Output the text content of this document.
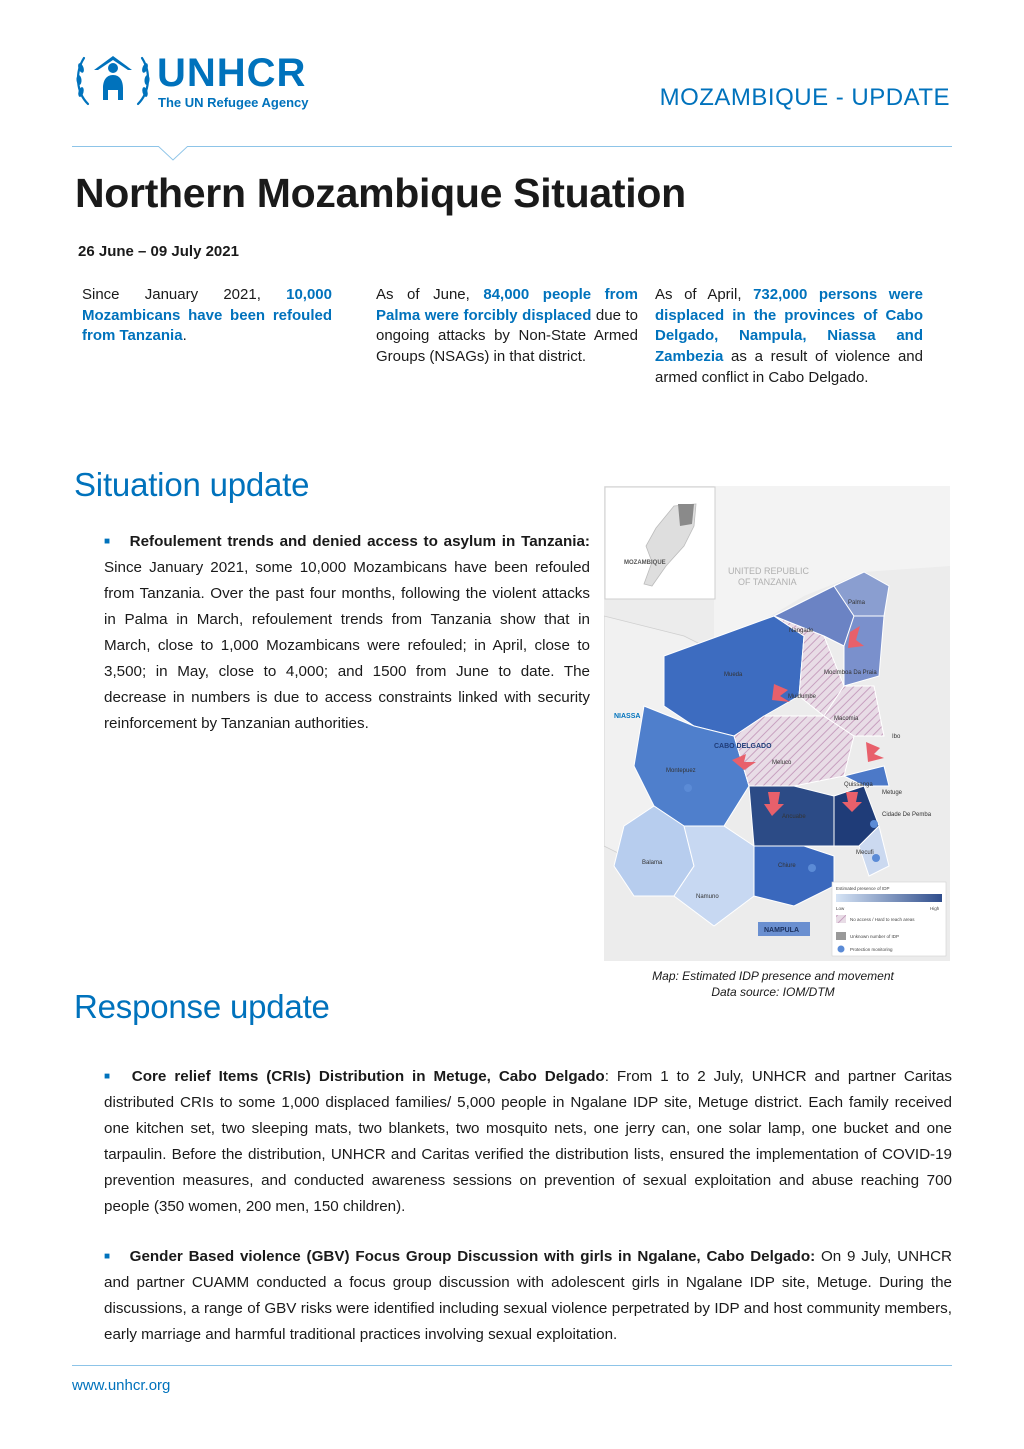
UNHCR
The UN Refugee Agency	MOZAMBIQUE - UPDATE
Northern Mozambique Situation
26 June – 09 July 2021
Since January 2021, 10,000 Mozambicans have been refouled from Tanzania.
As of June, 84,000 people from Palma were forcibly displaced due to ongoing attacks by Non-State Armed Groups (NSAGs) in that district.
As of April, 732,000 persons were displaced in the provinces of Cabo Delgado, Nampula, Niassa and Zambezia as a result of violence and armed conflict in Cabo Delgado.
Situation update

■ Refoulement trends and denied access to asylum in Tanzania: Since January 2021, some 10,000 Mozambicans have been refouled from Tanzania. Over the past four months, following the violent attacks in Palma in March, refoulement trends from Tanzania show that in March, close to 1,000 Mozambicans were refouled; in April, close to 3,500; in May, close to 4,000; and 1500 from June to date. The decrease in numbers is due to access constraints linked with security reinforcement by Tanzanian authorities.

UNITED REPUBLIC
OF TANZANIA
NIASSA
MOZAMBIQUE
Palma
Nangade
Mueda	Mocimboa Da Praia
Muidumbe
Macomia
Ibo
Meluco
Quissanga
Montepuez
Metuge
Cidade De Pemba
Ancuabe
Mecufi
Chiure
Balama
Namuno
CABO DELGADO
NAMPULA
Estimated presence of IDP
Low	High
No access / Hard to reach areas
Unknown number of IDP
Protection monitoring
Map: Estimated IDP presence and movement
Data source: IOM/DTM
Response update

■ Core relief Items (CRIs) Distribution in Metuge, Cabo Delgado: From 1 to 2 July, UNHCR and partner Caritas distributed CRIs to some 1,000 displaced families/ 5,000 people in Ngalane IDP site, Metuge district. Each family received one kitchen set, two sleeping mats, two blankets, two mosquito nets, one jerry can, one solar lamp, one bucket and one tarpaulin. Before the distribution, UNHCR and Caritas verified the distribution lists, ensured the implementation of COVID-19 prevention measures, and conducted awareness sessions on prevention of sexual exploitation and abuse reaching 700 people (350 women, 200 men, 150 children).

■ Gender Based violence (GBV) Focus Group Discussion with girls in Ngalane, Cabo Delgado: On 9 July, UNHCR and partner CUAMM conducted a focus group discussion with adolescent girls in Ngalane IDP site, Metuge. During the discussions, a range of GBV risks were identified including sexual violence perpetrated by IDP and host community members, early marriage and harmful traditional practices involving sexual exploitation.

www.unhcr.org
